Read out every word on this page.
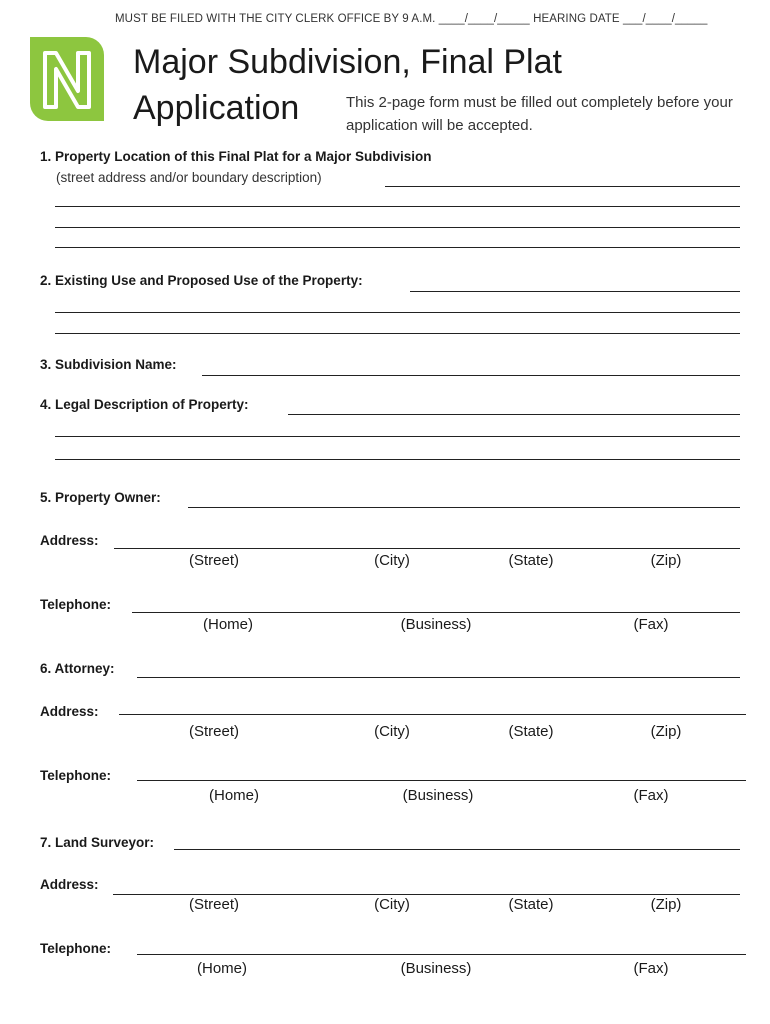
MUST BE FILED WITH THE CITY CLERK OFFICE BY 9 A.M. ____/____/_____ HEARING DATE ___/____/_____
Major Subdivision, Final Plat
Application	This 2-page form must be filled out completely before your application will be accepted.
1. Property Location of this Final Plat for a Major Subdivision
(street address and/or boundary description)
2. Existing Use and Proposed Use of the Property:
3. Subdivision Name:
4. Legal Description of Property:
5. Property Owner:
Address:
(Street)	(City)	(State)	(Zip)
Telephone:
(Home)	(Business)	(Fax)
6. Attorney:
Address:
(Street)	(City)	(State)	(Zip)
Telephone:
(Home)	(Business)	(Fax)
7. Land Surveyor:
Address:
(Street)	(City)	(State)	(Zip)
Telephone:
(Home)	(Business)	(Fax)
